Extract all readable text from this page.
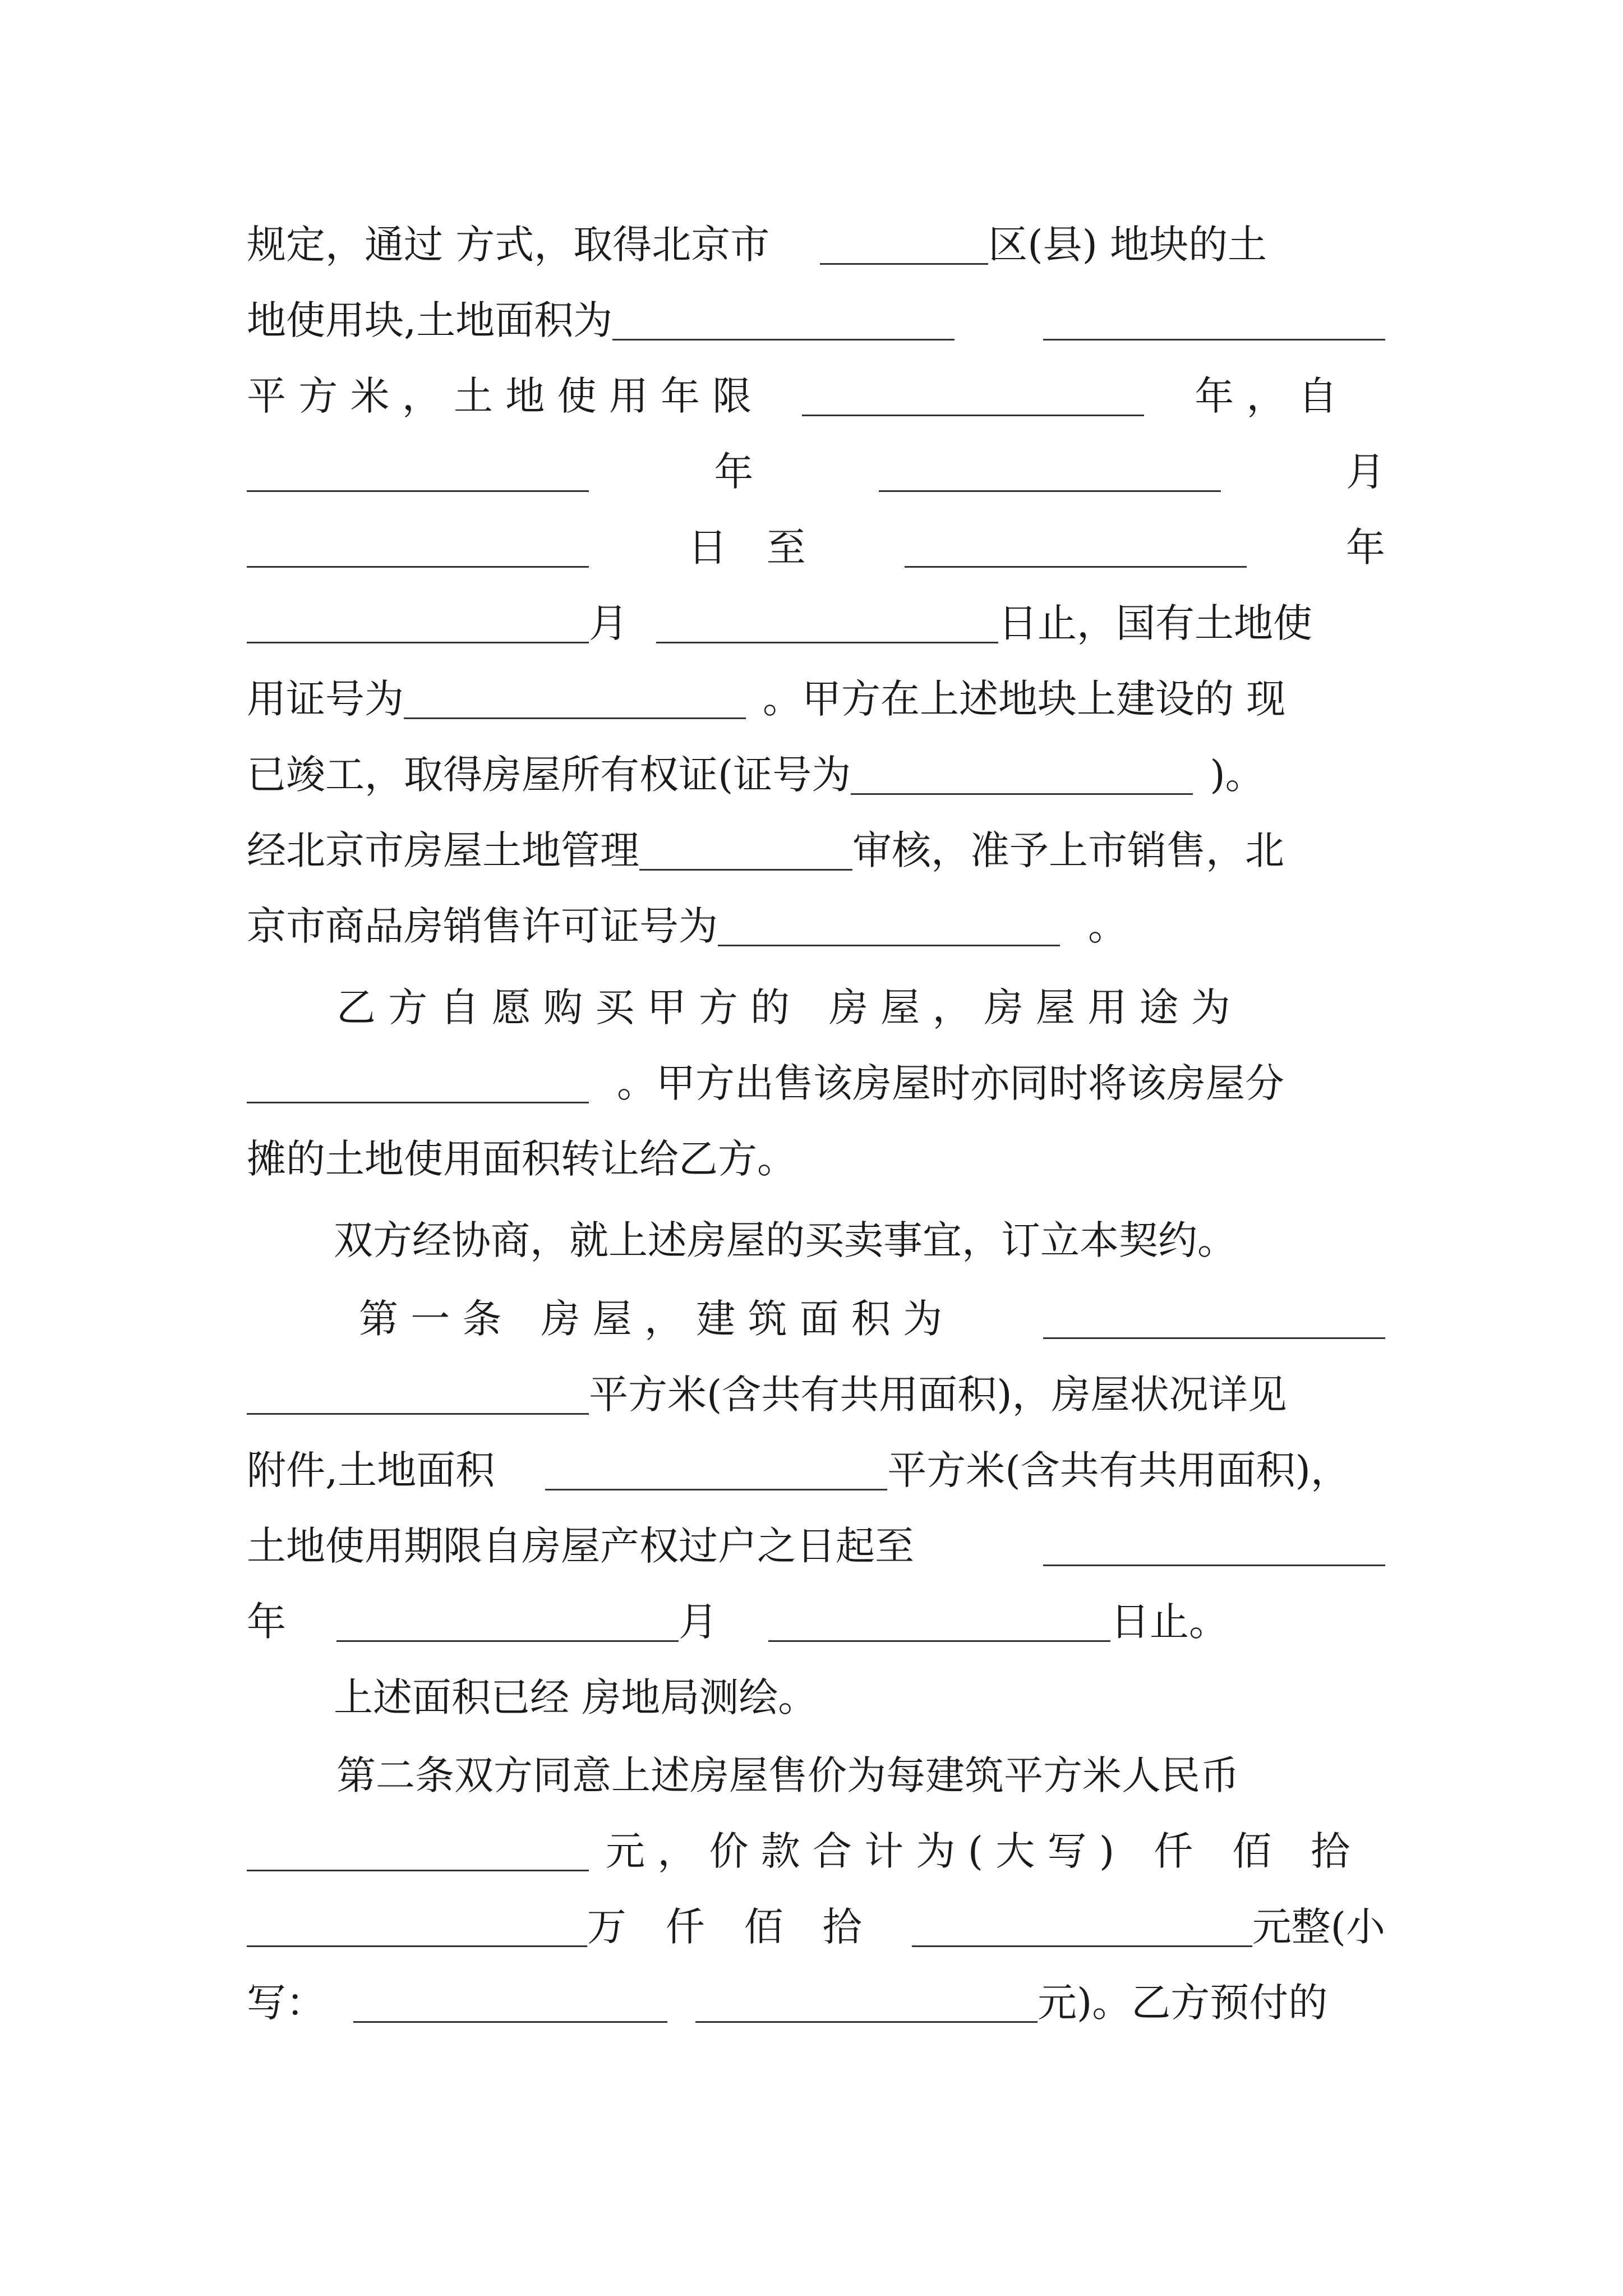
规定，通过 方式，取得北京市	区(县) 地块的土
地使用块,土地面积为
平 方 米 ， 土 地 使 用 年 限	年 ， 自
年	月
日　至	年
月	日止，国有土地使
用证号为	。甲方在上述地块上建设的 现
已竣工，取得房屋所有权证(证号为	)。
经北京市房屋土地管理	审核，准予上市销售，北
京市商品房销售许可证号为	。
乙 方 自 愿 购 买 甲 方 的　房 屋 ， 房 屋 用 途 为
。甲方出售该房屋时亦同时将该房屋分
摊的土地使用面积转让给乙方。
双方经协商，就上述房屋的买卖事宜，订立本契约。
第 一 条　房 屋 ， 建 筑 面 积 为
平方米(含共有共用面积)，房屋状况详见
附件,土地面积	平方米(含共有共用面积)，
土地使用期限自房屋产权过户之日起至
年	月	日止。
上述面积已经 房地局测绘。
第二条双方同意上述房屋售价为每建筑平方米人民币
元 ， 价 款 合 计 为 ( 大 写 )　仟　佰　拾
万　仟　佰　拾	元整(小
写：	元)。乙方预付的
